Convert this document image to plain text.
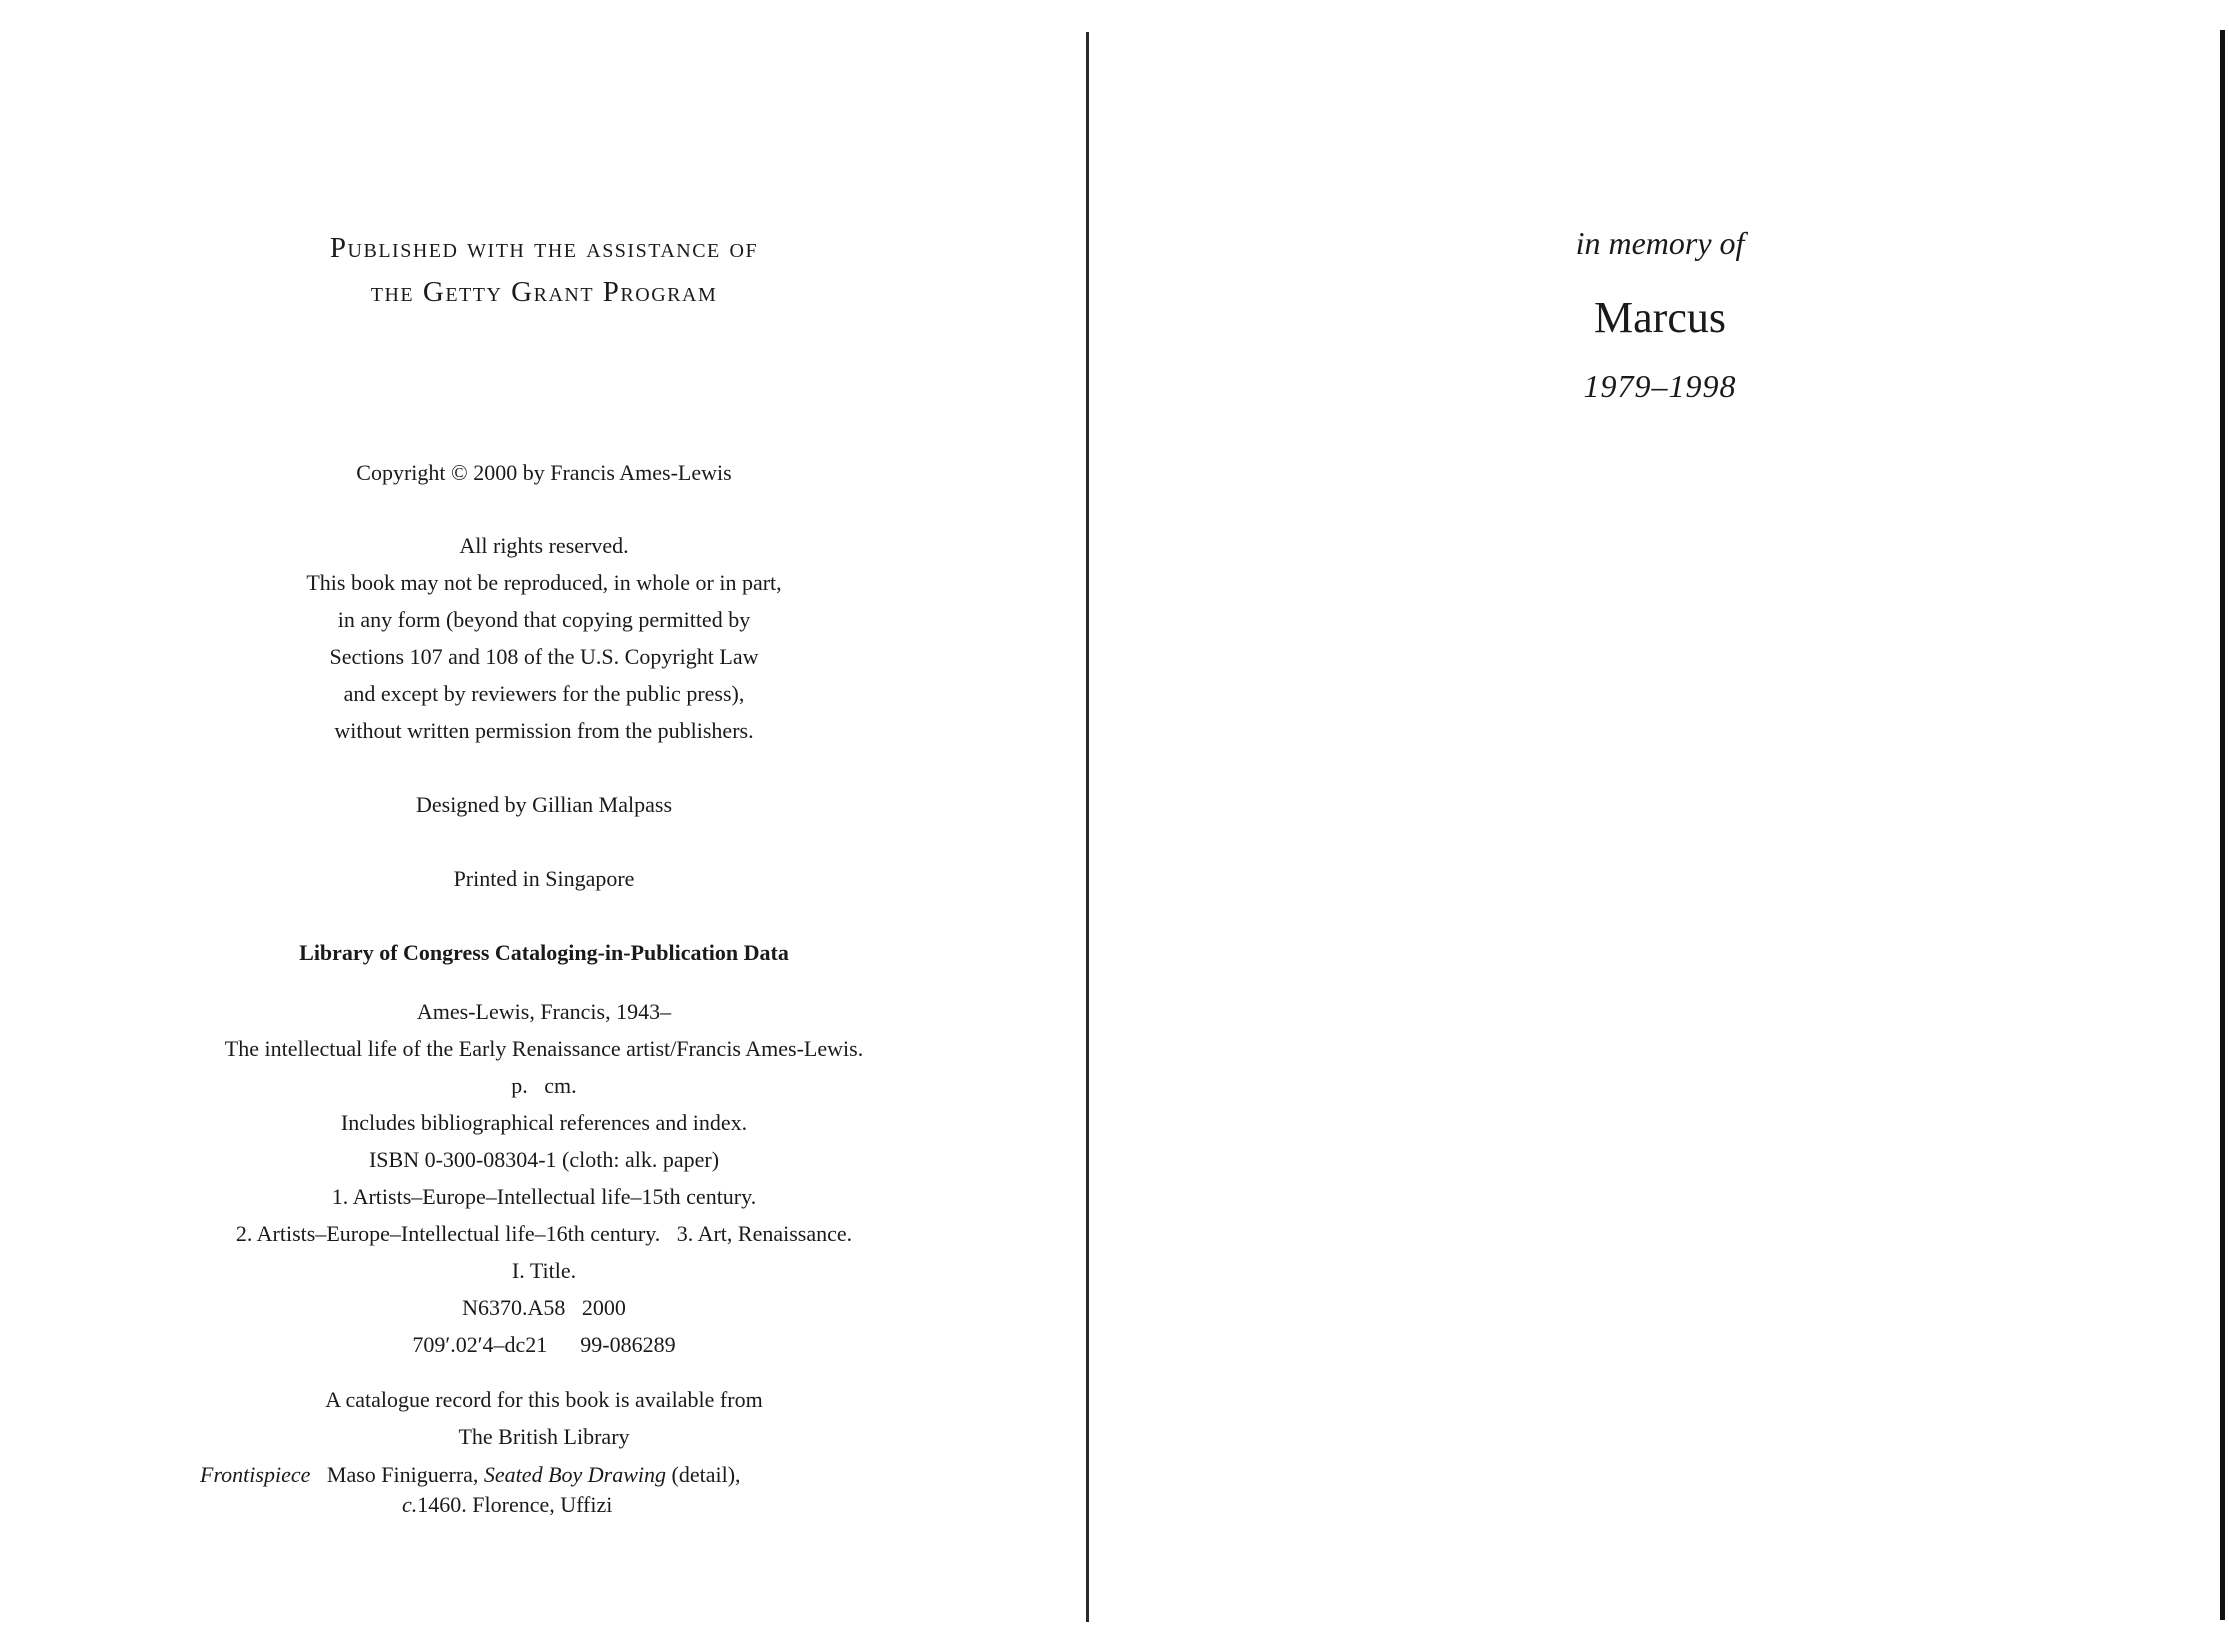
Published with the assistance of
the Getty Grant Program
Copyright © 2000 by Francis Ames-Lewis
All rights reserved.
This book may not be reproduced, in whole or in part,
in any form (beyond that copying permitted by
Sections 107 and 108 of the U.S. Copyright Law
and except by reviewers for the public press),
without written permission from the publishers.
Designed by Gillian Malpass
Printed in Singapore
Library of Congress Cataloging-in-Publication Data
Ames-Lewis, Francis, 1943–
The intellectual life of the Early Renaissance artist/Francis Ames-Lewis.
p.   cm.
Includes bibliographical references and index.
ISBN 0-300-08304-1 (cloth: alk. paper)
1. Artists–Europe–Intellectual life–15th century.
2. Artists–Europe–Intellectual life–16th century.   3. Art, Renaissance.
I. Title.
N6370.A58   2000
709′.02′4–dc21      99-086289
A catalogue record for this book is available from
The British Library
Frontispiece Maso Finiguerra, Seated Boy Drawing (detail),
c.1460. Florence, Uffizi
in memory of
Marcus
1979–1998
